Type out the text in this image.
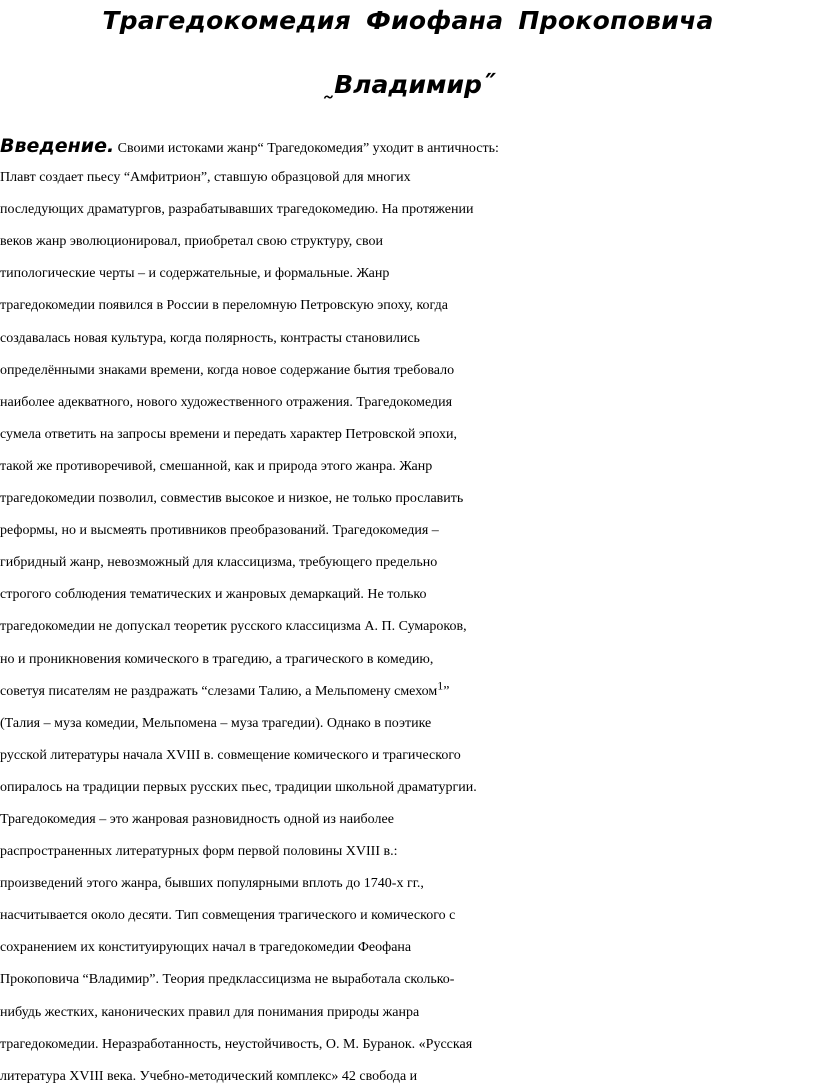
Трагедокомедия Фиофана Прокоповича
˷Владимир˝
Введение. Своими истоками жанр“ Трагедокомедия” уходит в античность:
Плавт создает пьесу “Амфитрион”, ставшую образцовой для многих
последующих драматургов, разрабатывавших трагедокомедию. На протяжении
веков жанр эволюционировал, приобретал свою структуру, свои
типологические черты – и содержательные, и формальные. Жанр
трагедокомедии появился в России в переломную Петровскую эпоху, когда
создавалась новая культура, когда полярность, контрасты становились
определёнными знаками времени, когда новое содержание бытия требовало
наиболее адекватного, нового художественного отражения. Трагедокомедия
сумела ответить на запросы времени и передать характер Петровской эпохи,
такой же противоречивой, смешанной, как и природа этого жанра. Жанр
трагедокомедии позволил, совместив высокое и низкое, не только прославить
реформы, но и высмеять противников преобразований. Трагедокомедия –
гибридный жанр, невозможный для классицизма, требующего предельно
строгого соблюдения тематических и жанровых демаркаций. Не только
трагедокомедии не допускал теоретик русского классицизма А. П. Сумароков,
но и проникновения комического в трагедию, а трагического в комедию,
советуя писателям не раздражать “слезами Талию, а Мельпомену смехом$^1$”
(Талия – муза комедии, Мельпомена – муза трагедии). Однако в поэтике
русской литературы начала XVIII в. совмещение комического и трагического
опиралось на традиции первых русских пьес, традиции школьной драматургии.
Трагедокомедия – это жанровая разновидность одной из наиболее
распространенных литературных форм первой половины XVIII в.:
произведений этого жанра, бывших популярными вплоть до 1740-х гг.,
насчитывается около десяти. Тип совмещения трагического и комического с
сохранением их конституирующих начал в трагедокомедии Феофана
Прокоповича “Владимир”. Теория предклассицизма не выработала сколько-
нибудь жестких, канонических правил для понимания природы жанра
трагедокомедии. Неразработанность, неустойчивость, О. М. Буранок. «Русская
литература XVIII века. Учебно-методический комплекс» 42 свобода и
